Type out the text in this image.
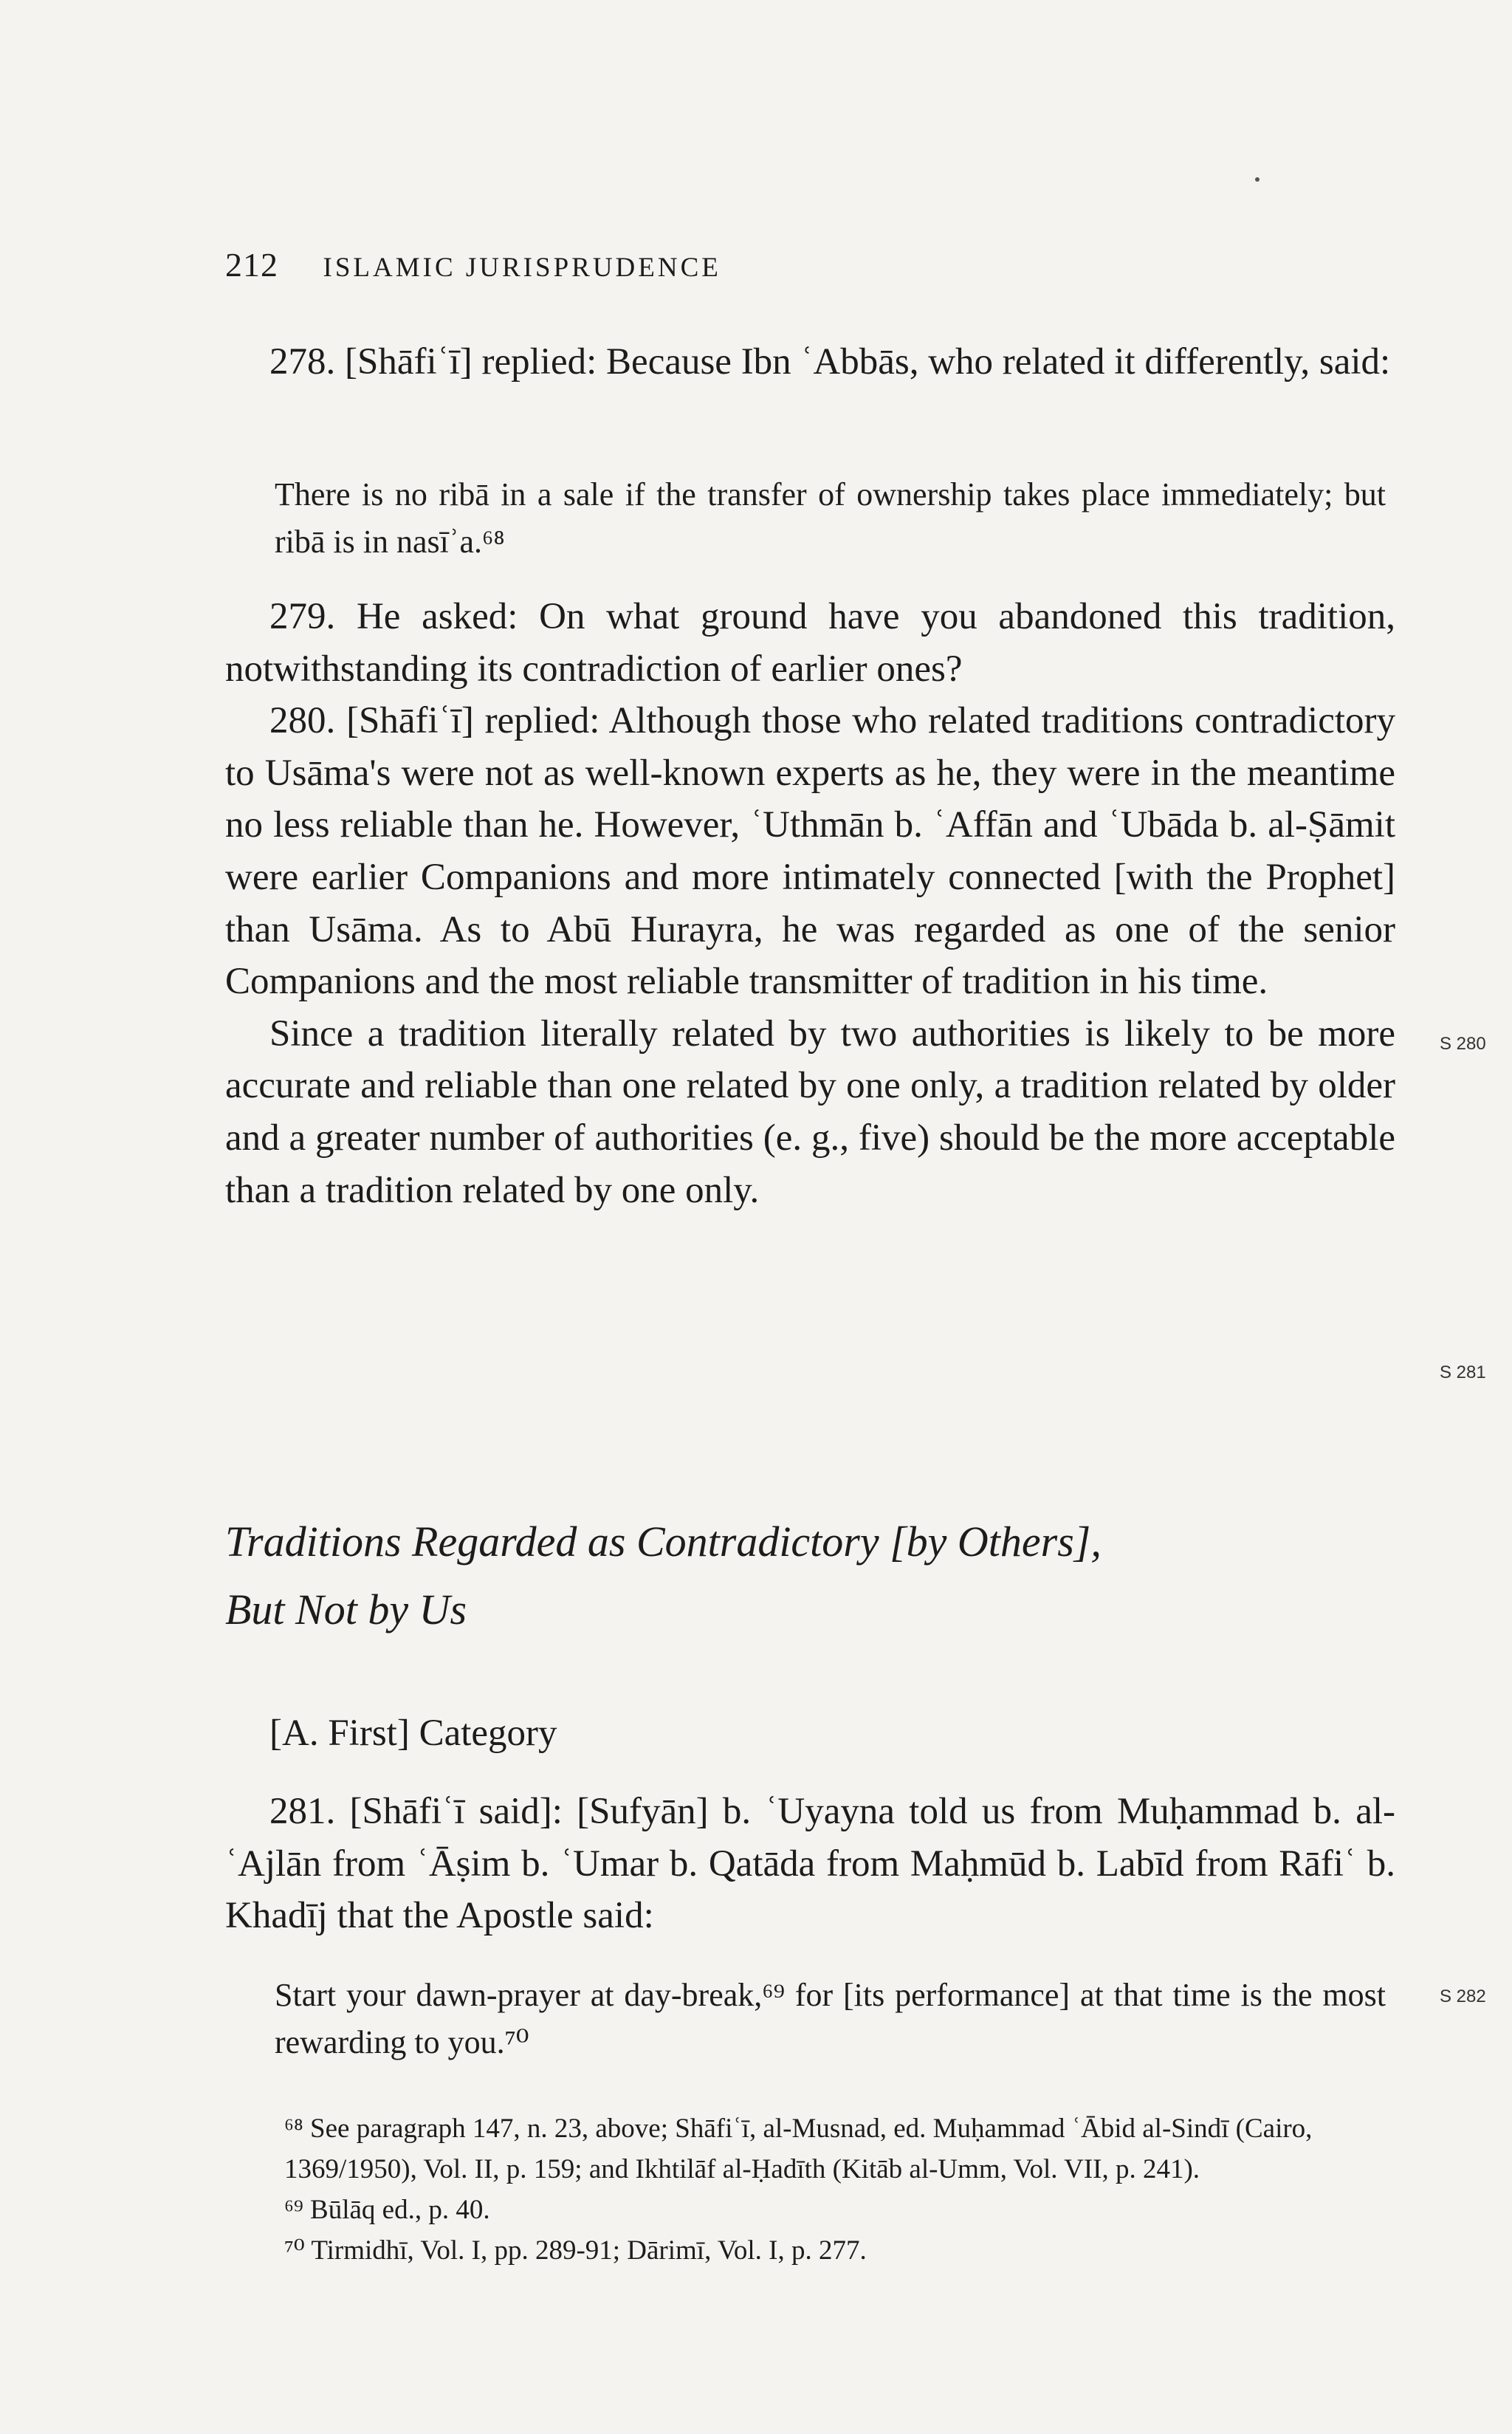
212 ISLAMIC JURISPRUDENCE

278. [Shāfiʿī] replied: Because Ibn ʿAbbās, who related it differently, said:

There is no ribā in a sale if the transfer of ownership takes place immediately; but ribā is in nasīʾa.⁶⁸

279. He asked: On what ground have you abandoned this tradition, notwithstanding its contradiction of earlier ones?

280. [Shāfiʿī] replied: Although those who related traditions contradictory to Usāma's were not as well-known experts as he, they were in the meantime no less reliable than he. However, ʿUthmān b. ʿAffān and ʿUbāda b. al-Ṣāmit were earlier Companions and more intimately connected [with the Prophet] than Usāma. As to Abū Hurayra, he was regarded as one of the senior Companions and the most reliable transmitter of tradition in his time.

Since a tradition literally related by two authorities is likely to be more accurate and reliable than one related by one only, a tradition related by older and a greater number of authorities (e. g., five) should be the more acceptable than a tradition related by one only.

S 280
S 281
S 282
Traditions Regarded as Contradictory [by Others],
But Not by Us
[A. First] Category

281. [Shāfiʿī said]: [Sufyān] b. ʿUyayna told us from Muḥammad b. al-ʿAjlān from ʿĀṣim b. ʿUmar b. Qatāda from Maḥmūd b. Labīd from Rāfiʿ b. Khadīj that the Apostle said:

Start your dawn-prayer at day-break,⁶⁹ for [its performance] at that time is the most rewarding to you.⁷⁰
⁶⁸ See paragraph 147, n. 23, above; Shāfiʿī, al-Musnad, ed. Muḥammad ʿĀbid al-Sindī (Cairo, 1369/1950), Vol. II, p. 159; and Ikhtilāf al-Ḥadīth (Kitāb al-Umm, Vol. VII, p. 241).
⁶⁹ Būlāq ed., p. 40.
⁷⁰ Tirmidhī, Vol. I, pp. 289-91; Dārimī, Vol. I, p. 277.
